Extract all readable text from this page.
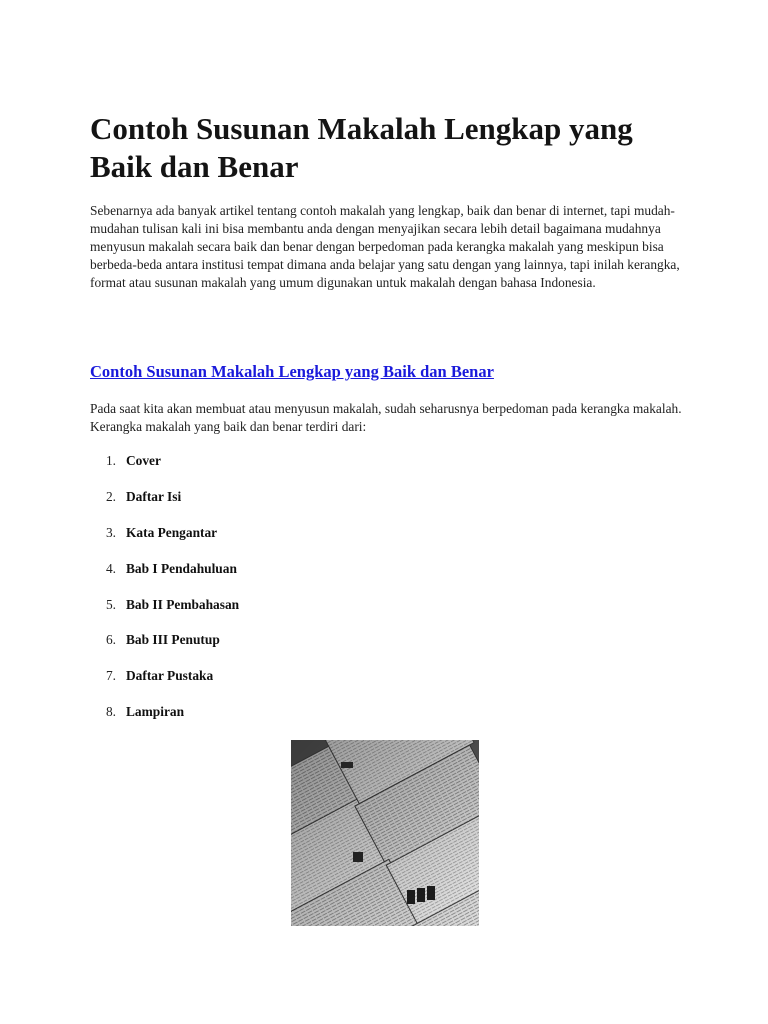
Contoh Susunan Makalah Lengkap yang Baik dan Benar

Sebenarnya ada banyak artikel tentang contoh makalah yang lengkap, baik dan benar di internet, tapi mudah-mudahan tulisan kali ini bisa membantu anda dengan menyajikan secara lebih detail bagaimana mudahnya menyusun makalah secara baik dan benar dengan berpedoman pada kerangka makalah yang meskipun bisa berbeda-beda antara institusi tempat dimana anda belajar yang satu dengan yang lainnya, tapi inilah kerangka, format atau susunan makalah yang umum digunakan untuk makalah dengan bahasa Indonesia.

Contoh Susunan Makalah Lengkap yang Baik dan Benar

Pada saat kita akan membuat atau menyusun makalah, sudah seharusnya berpedoman pada kerangka makalah. Kerangka makalah yang baik dan benar terdiri dari:

1. Cover
2. Daftar Isi
3. Kata Pengantar
4. Bab I Pendahuluan
5. Bab II Pembahasan
6. Bab III Penutup
7. Daftar Pustaka
8. Lampiran
